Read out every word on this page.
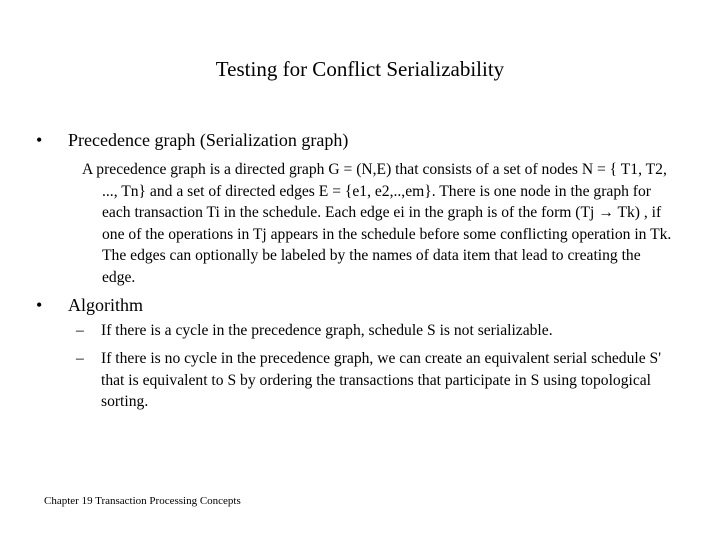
Testing for Conflict Serializability
•	Precedence graph (Serialization graph)
A precedence graph is a directed graph G = (N,E) that consists of a set of nodes N = { T1, T2, ..., Tn} and a set of directed edges E = {e1, e2,..,em}. There is one node in the graph for each transaction Ti in the schedule. Each edge ei in the graph is of the form (Tj → Tk) , if one of the operations in Tj appears in the schedule before some conflicting operation in Tk. The edges can optionally be labeled by the names of data item that lead to creating the edge.
•	Algorithm
–	If there is a cycle in the precedence graph, schedule S is not serializable.
–	If there is no cycle in the precedence graph, we can create an equivalent serial schedule S' that is equivalent to S by ordering the transactions that participate in S using topological sorting.
Chapter 19 Transaction Processing Concepts
